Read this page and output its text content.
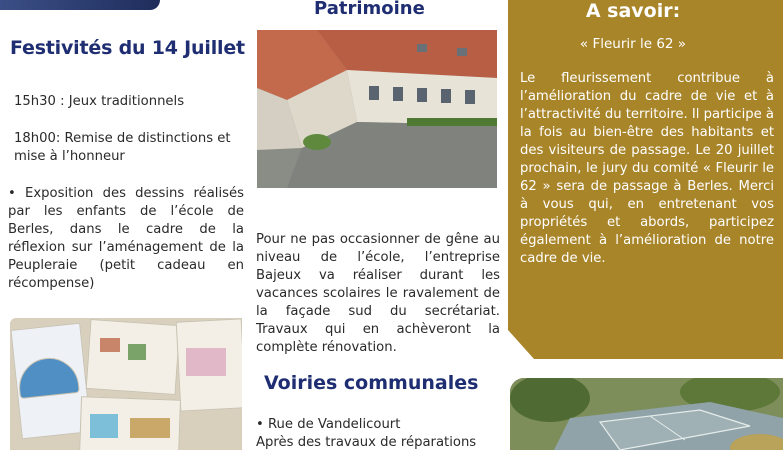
Festivités du 14 Juillet
15h30 : Jeux traditionnels
18h00: Remise de distinctions et mise à l’honneur
• Exposition des dessins réalisés par les enfants de l’école de Berles, dans le cadre de la réflexion sur l’aménagement de la Peupleraie (petit cadeau en récompense)
Patrimoine
Pour ne pas occasionner de gêne au niveau de l’école, l’entreprise Bajeux va réaliser durant les vacances scolaires le ravalement de la façade sud du secrétariat. Travaux qui en achèveront la complète rénovation.
Voiries communales
• Rue de Vandelicourt
Après des travaux de réparations
A savoir:
« Fleurir le 62 »
Le fleurissement contribue à l’amélioration du cadre de vie et à l’attractivité du territoire. Il participe à la fois au bien-être des habitants et des visiteurs de passage. Le 20 juillet prochain, le jury du comité « Fleurir le 62 » sera de passage à Berles. Merci à vous qui, en entretenant vos propriétés et abords, participez également à l’amélioration de notre cadre de vie.
